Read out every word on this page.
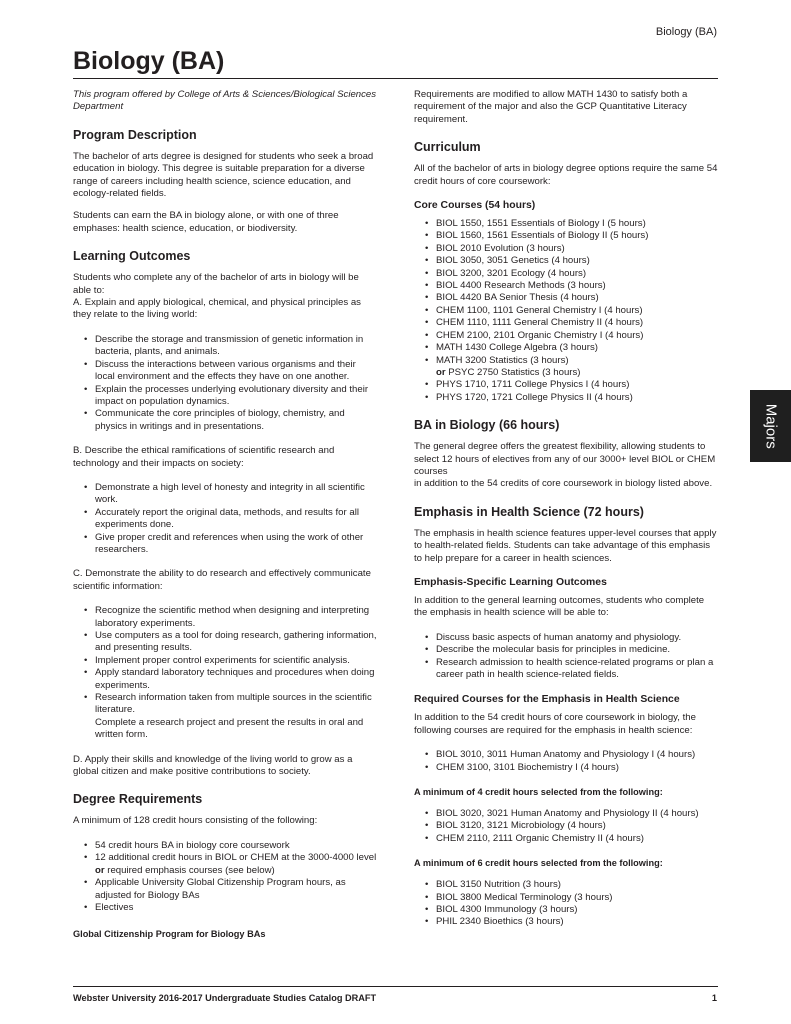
Biology (BA)
Biology (BA)

This program offered by College of Arts & Sciences/Biological Sciences Department

Program Description

The bachelor of arts degree is designed for students who seek a broad education in biology. This degree is suitable preparation for a diverse range of careers including health science, science education, and ecology-related fields.

Students can earn the BA in biology alone, or with one of three emphases: health science, education, or biodiversity.

Learning Outcomes
Students who complete any of the bachelor of arts in biology will be able to:

A. Explain and apply biological, chemical, and physical principles as they relate to the living world:

• Describe the storage and transmission of genetic information in bacteria, plants, and animals.
• Discuss the interactions between various organisms and their local environment and the effects they have on one another.
• Explain the processes underlying evolutionary diversity and their impact on population dynamics.
• Communicate the core principles of biology, chemistry, and physics in writings and in presentations.

B. Describe the ethical ramifications of scientific research and technology and their impacts on society:

• Demonstrate a high level of honesty and integrity in all scientific work.
• Accurately report the original data, methods, and results for all experiments done.
• Give proper credit and references when using the work of other researchers.

C. Demonstrate the ability to do research and effectively communicate scientific information:

• Recognize the scientific method when designing and interpreting laboratory experiments.
• Use computers as a tool for doing research, gathering information, and presenting results.
• Implement proper control experiments for scientific analysis.
• Apply standard laboratory techniques and procedures when doing experiments.
• Research information taken from multiple sources in the scientific literature.
Complete a research project and present the results in oral and written form.

D. Apply their skills and knowledge of the living world to grow as a global citizen and make positive contributions to society.

Degree Requirements

A minimum of 128 credit hours consisting of the following:

• 54 credit hours BA in biology core coursework
• 12 additional credit hours in BIOL or CHEM at the 3000-4000 level
or required emphasis courses (see below)
• Applicable University Global Citizenship Program hours, as adjusted for Biology BAs
• Electives
Global Citizenship Program for Biology BAs

Requirements are modified to allow MATH 1430 to satisfy both a requirement of the major and also the GCP Quantitative Literacy requirement.

Curriculum

All of the bachelor of arts in biology degree options require the same 54 credit hours of core coursework:

Core Courses (54 hours)
• BIOL 1550, 1551 Essentials of Biology I (5 hours)
• BIOL 1560, 1561 Essentials of Biology II (5 hours)
• BIOL 2010 Evolution (3 hours)
• BIOL 3050, 3051 Genetics (4 hours)
• BIOL 3200, 3201 Ecology (4 hours)
• BIOL 4400 Research Methods (3 hours)
• BIOL 4420 BA Senior Thesis (4 hours)
• CHEM 1100, 1101 General Chemistry I (4 hours)
• CHEM 1110, 1111 General Chemistry II (4 hours)
• CHEM 2100, 2101 Organic Chemistry I (4 hours)
• MATH 1430 College Algebra (3 hours)
• MATH 3200 Statistics (3 hours)
or PSYC 2750 Statistics (3 hours)
• PHYS 1710, 1711 College Physics I (4 hours)
• PHYS 1720, 1721 College Physics II (4 hours)
BA in Biology (66 hours)
The general degree offers the greatest flexibility, allowing students to select 12 hours of electives from any of our 3000+ level BIOL or CHEM courses

in addition to the 54 credits of core coursework in biology listed above.

Emphasis in Health Science (72 hours)

The emphasis in health science features upper-level courses that apply to health-related fields. Students can take advantage of this emphasis to help prepare for a career in health sciences.

Emphasis-Specific Learning Outcomes

In addition to the general learning outcomes, students who complete the emphasis in health science will be able to:

• Discuss basic aspects of human anatomy and physiology.
• Describe the molecular basis for principles in medicine.
• Research admission to health science-related programs or plan a career path in health science-related fields.
Required Courses for the Emphasis in Health Science

In addition to the 54 credit hours of core coursework in biology, the following courses are required for the emphasis in health science:

• BIOL 3010, 3011 Human Anatomy and Physiology I (4 hours)
• CHEM 3100, 3101 Biochemistry I (4 hours)
A minimum of 4 credit hours selected from the following:
• BIOL 3020, 3021 Human Anatomy and Physiology II (4 hours)
• BIOL 3120, 3121 Microbiology (4 hours)
• CHEM 2110, 2111 Organic Chemistry II (4 hours)
A minimum of 6 credit hours selected from the following:
• BIOL 3150 Nutrition (3 hours)
• BIOL 3800 Medical Terminology (3 hours)
• BIOL 4300 Immunology (3 hours)
• PHIL 2340 Bioethics (3 hours)
Majors
Webster University 2016-2017 Undergraduate Studies Catalog DRAFT	1
